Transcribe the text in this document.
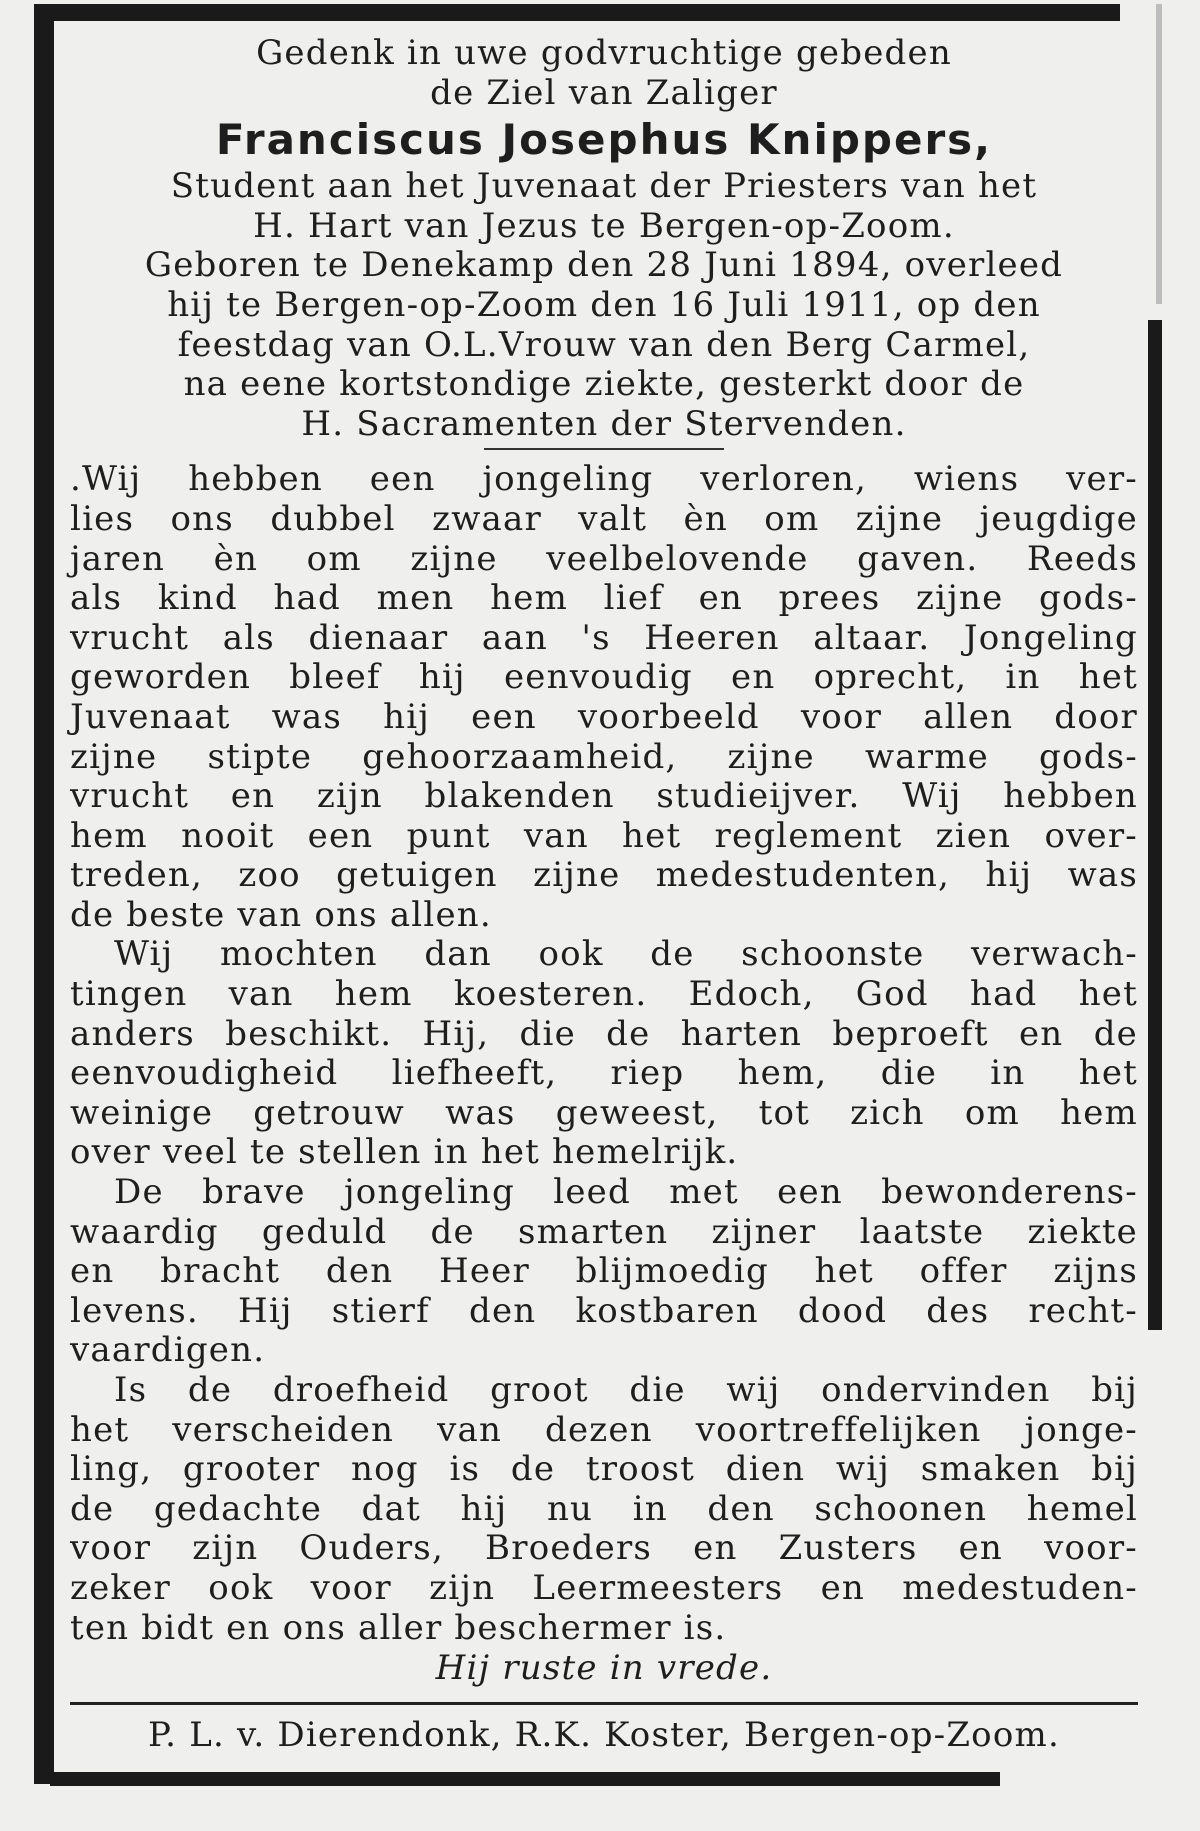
Gedenk in uwe godvruchtige gebeden
de Ziel van Zaliger
Franciscus Josephus Knippers,
Student aan het Juvenaat der Priesters van het
H. Hart van Jezus te Bergen-op-Zoom.
Geboren te Denekamp den 28 Juni 1894, overleed
hij te Bergen-op-Zoom den 16 Juli 1911, op den
feestdag van O.L.Vrouw van den Berg Carmel,
na eene kortstondige ziekte, gesterkt door de
H. Sacramenten der Stervenden.
.Wij hebben een jongeling verloren, wiens ver-
lies ons dubbel zwaar valt èn om zijne jeugdige
jaren èn om zijne veelbelovende gaven. Reeds
als kind had men hem lief en prees zijne gods-
vrucht als dienaar aan 's Heeren altaar. Jongeling
geworden bleef hij eenvoudig en oprecht, in het
Juvenaat was hij een voorbeeld voor allen door
zijne stipte gehoorzaamheid, zijne warme gods-
vrucht en zijn blakenden studieijver. Wij hebben
hem nooit een punt van het reglement zien over-
treden, zoo getuigen zijne medestudenten, hij was
de beste van ons allen.
Wij mochten dan ook de schoonste verwach-
tingen van hem koesteren. Edoch, God had het
anders beschikt. Hij, die de harten beproeft en de
eenvoudigheid liefheeft, riep hem, die in het
weinige getrouw was geweest, tot zich om hem
over veel te stellen in het hemelrijk.
De brave jongeling leed met een bewonderens-
waardig geduld de smarten zijner laatste ziekte
en bracht den Heer blijmoedig het offer zijns
levens. Hij stierf den kostbaren dood des recht-
vaardigen.
Is de droefheid groot die wij ondervinden bij
het verscheiden van dezen voortreffelijken jonge-
ling, grooter nog is de troost dien wij smaken bij
de gedachte dat hij nu in den schoonen hemel
voor zijn Ouders, Broeders en Zusters en voor-
zeker ook voor zijn Leermeesters en medestuden-
ten bidt en ons aller beschermer is.
Hij ruste in vrede.
P. L. v. Dierendonk, R.K. Koster, Bergen-op-Zoom.
